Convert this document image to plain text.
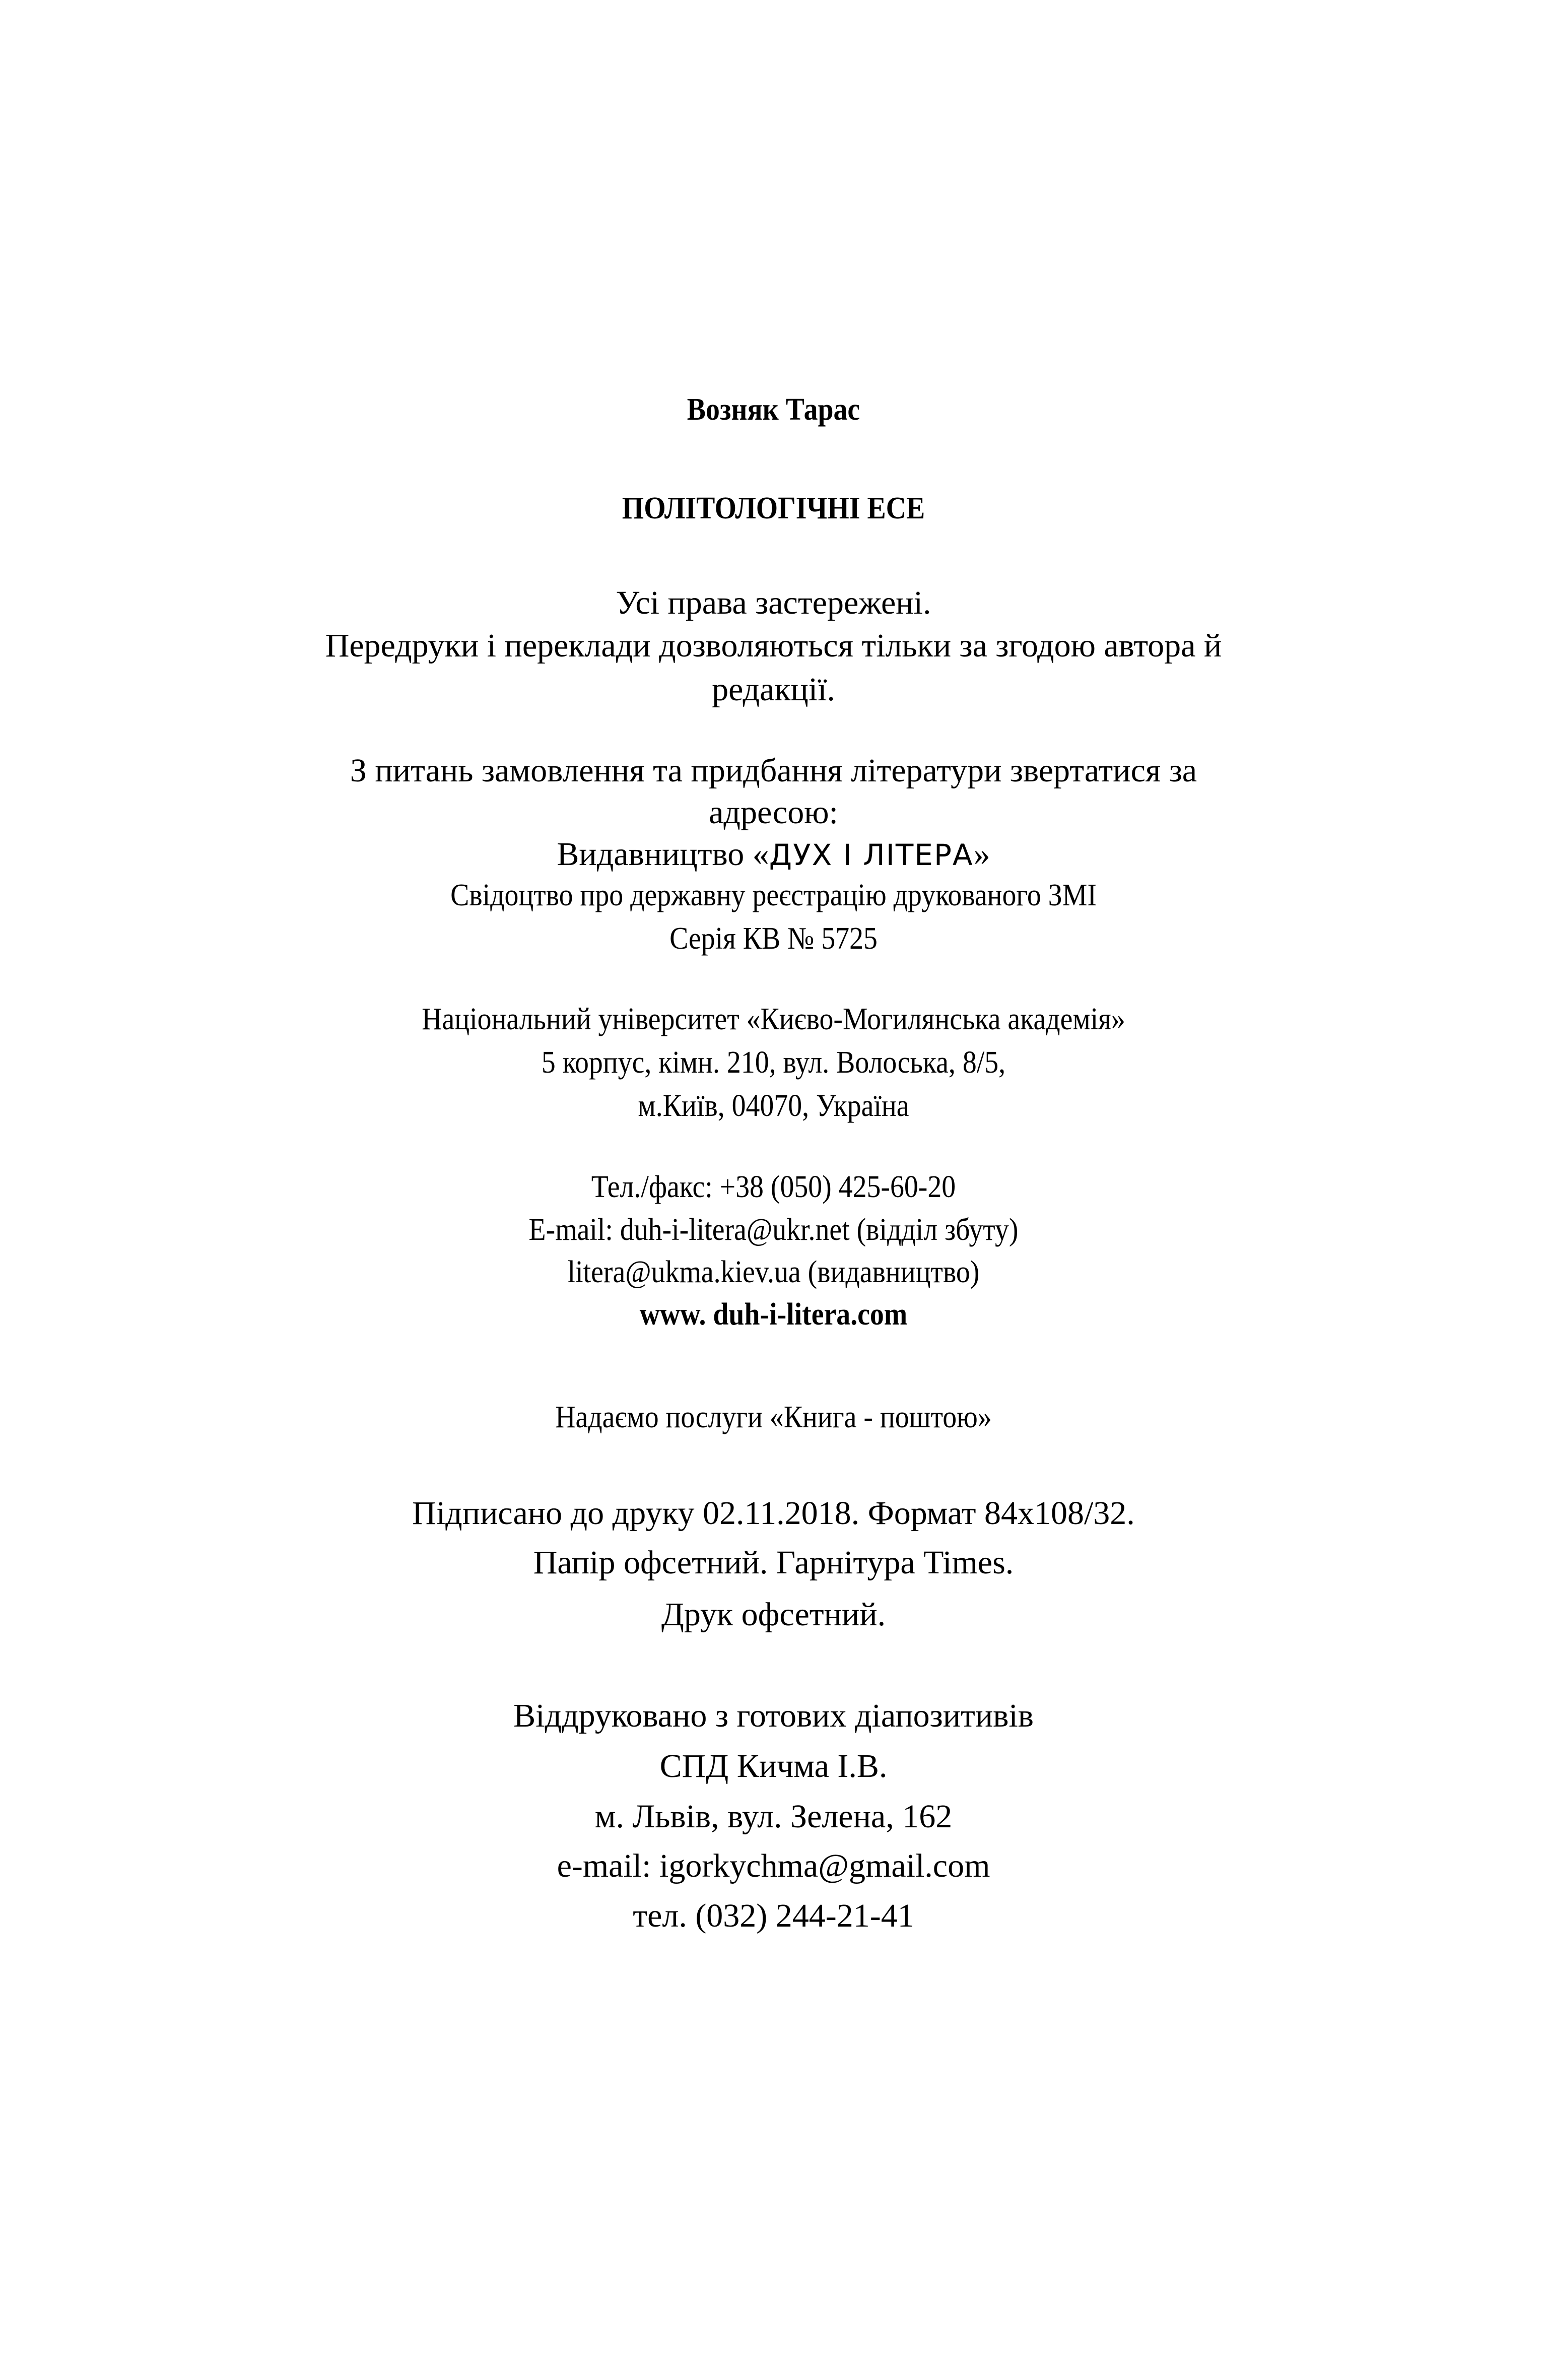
Возняк Тарас
ПОЛІТОЛОГІЧНІ ЕСЕ
Усі права застережені.
Передруки і переклади дозволяються тільки за згодою автора й
редакції.
З питань замовлення та придбання літератури звертатися за
адресою:
Видавництво «ДУХ І ЛІТЕРА»
Свідоцтво про державну реєстрацію друкованого ЗМІ
Серія КВ № 5725
Національний університет «Києво-Могилянська академія»
5 корпус, кімн. 210, вул. Волоська, 8/5,
м.Київ, 04070, Україна
Тел./факс: +38 (050) 425-60-20
E-mail: duh-i-litera@ukr.net (відділ збуту)
litera@ukma.kiev.ua (видавництво)
www. duh-i-litera.com
Надаємо послуги «Книга - поштою»
Підписано до друку 02.11.2018. Формат 84х108/32.
Папір офсетний. Гарнітура Times.
Друк офсетний.
Віддруковано з готових діапозитивів
СПД Кичма І.В.
м. Львів, вул. Зелена, 162
e-mail: igorkychma@gmail.com
тел. (032) 244-21-41
